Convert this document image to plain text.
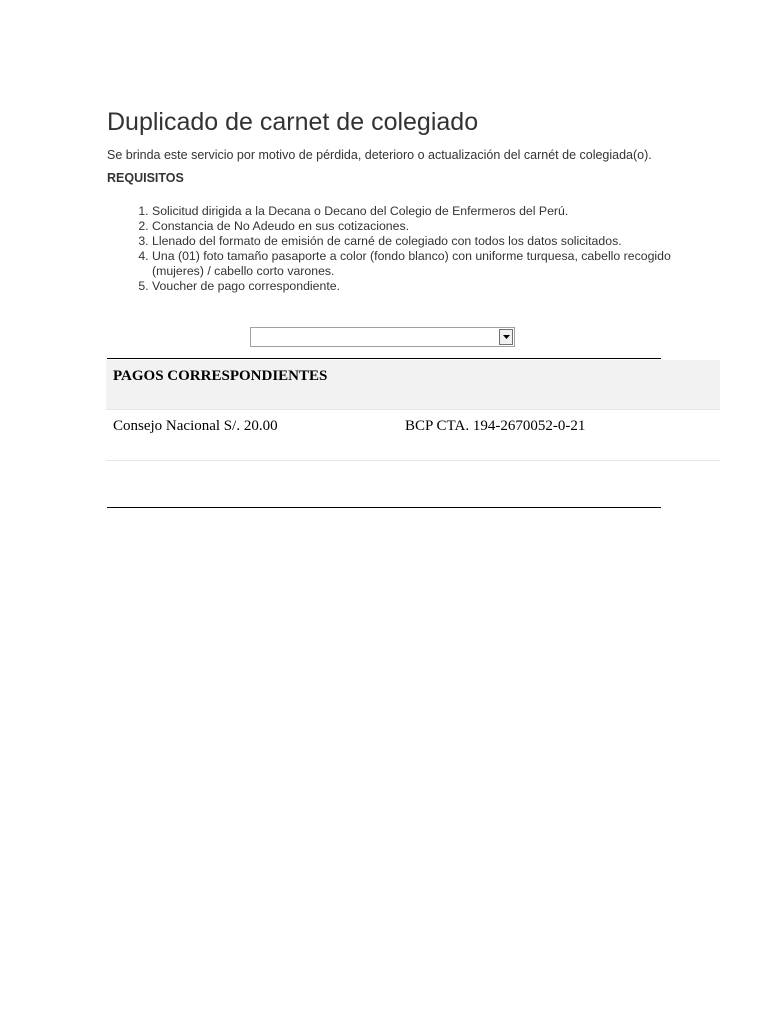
Duplicado de carnet de colegiado

Se brinda este servicio por motivo de pérdida, deterioro o actualización del carnét de colegiada(o).

REQUISITOS

1. Solicitud dirigida a la Decana o Decano del Colegio de Enfermeros del Perú.
2. Constancia de No Adeudo en sus cotizaciones.
3. Llenado del formato de emisión de carné de colegiado con todos los datos solicitados.
4. Una (01) foto tamaño pasaporte a color (fondo blanco) con uniforme turquesa, cabello recogido (mujeres) / cabello corto varones.
5. Voucher de pago correspondiente.

PAGOS CORRESPONDIENTES

Consejo Nacional S/. 20.00	BCP CTA. 194-2670052-0-21
